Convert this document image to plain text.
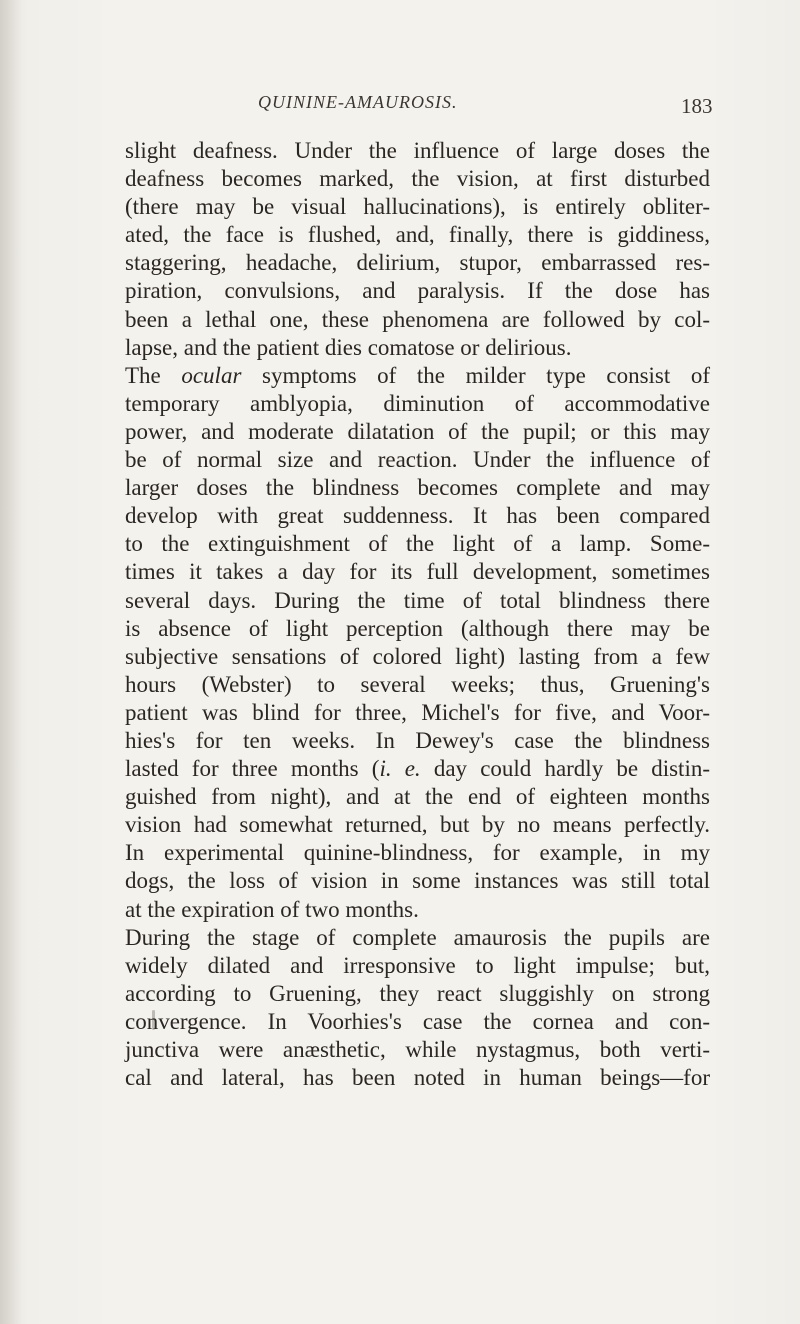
QUININE-AMAUROSIS.	183
slight deafness. Under the influence of large doses the
deafness becomes marked, the vision, at first disturbed
(there may be visual hallucinations), is entirely obliter-
ated, the face is flushed, and, finally, there is giddiness,
staggering, headache, delirium, stupor, embarrassed res-
piration, convulsions, and paralysis. If the dose has
been a lethal one, these phenomena are followed by col-
lapse, and the patient dies comatose or delirious.
The ocular symptoms of the milder type consist of
temporary amblyopia, diminution of accommodative
power, and moderate dilatation of the pupil; or this may
be of normal size and reaction. Under the influence of
larger doses the blindness becomes complete and may
develop with great suddenness. It has been compared
to the extinguishment of the light of a lamp. Some-
times it takes a day for its full development, sometimes
several days. During the time of total blindness there
is absence of light perception (although there may be
subjective sensations of colored light) lasting from a few
hours (Webster) to several weeks; thus, Gruening's
patient was blind for three, Michel's for five, and Voor-
hies's for ten weeks. In Dewey's case the blindness
lasted for three months (i. e. day could hardly be distin-
guished from night), and at the end of eighteen months
vision had somewhat returned, but by no means perfectly.
In experimental quinine-blindness, for example, in my
dogs, the loss of vision in some instances was still total
at the expiration of two months.
During the stage of complete amaurosis the pupils are
widely dilated and irresponsive to light impulse; but,
according to Gruening, they react sluggishly on strong
convergence. In Voorhies's case the cornea and con-
junctiva were anæsthetic, while nystagmus, both verti-
cal and lateral, has been noted in human beings—for
